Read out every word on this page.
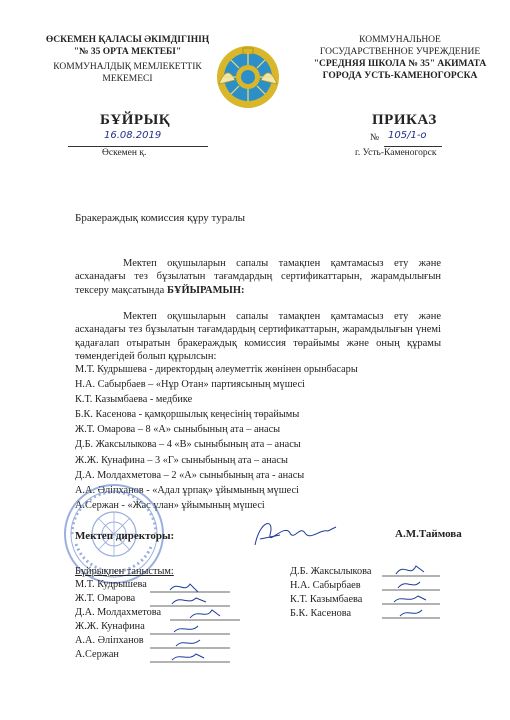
ӨСКЕМЕН ҚАЛАСЫ ӘКІМДІГІНІҢ
"№ 35 ОРТА МЕКТЕБІ"
КОММУНАЛДЫҚ МЕМЛЕКЕТТІК
МЕКЕМЕСІ
КОММУНАЛЬНОЕ
ГОСУДАРСТВЕННОЕ УЧРЕЖДЕНИЕ
"СРЕДНЯЯ ШКОЛА № 35" АКИМАТА
ГОРОДА УСТЬ-КАМЕНОГОРСКА
БҰЙРЫҚ	ПРИКАЗ
16.08.2019
Өскемен қ.
№ 105/1-о
г. Усть-Каменогорск
Бракераждық комиссия құру туралы
Мектеп оқушыларын сапалы тамақпен қамтамасыз ету және асханадағы тез бұзылатын тағамдардың сертификаттарын, жарамдылығын тексеру мақсатында БҰЙЫРАМЫН:
Мектеп оқушыларын сапалы тамақпен қамтамасыз ету және асханадағы тез бұзылатын тағамдардың сертификаттарын, жарамдылығын үнемі қадағалап отыратын бракераждық комиссия төрайымы және оның құрамы төмендегідей болып құрылсын:
М.Т. Кудрышева - директордың әлеуметтік жөнінен орынбасары
Н.А. Сабырбаев – «Нұр Отан» партиясының мүшесі
К.Т. Казымбаева - медбике
Б.К. Касенова - қамқоршылық кеңесінің төрайымы
Ж.Т. Омарова – 8 «А» сыныбының ата – анасы
Д.Б. Жаксылыкова – 4 «В» сыныбының ата – анасы
Ж.Ж. Кунафина – 3 «Г» сыныбының ата – анасы
Д.А. Молдахметова – 2 «А» сыныбының ата - анасы
А.А. Әліпханов - «Адал ұрпақ» ұйымының мүшесі
А.Сержан - «Жас ұлан» ұйымының мүшесі
Мектеп директоры:	А.М.Таймова
Бұйрықпен таныстым:
М.Т. Кудрышева
Ж.Т. Омарова
Д.А. Молдахметова
Ж.Ж. Кунафина
А.А. Әліпханов
А.Сержан
Д.Б. Жаксылыкова
Н.А. Сабырбаев
К.Т. Казымбаева
Б.К. Касенова
